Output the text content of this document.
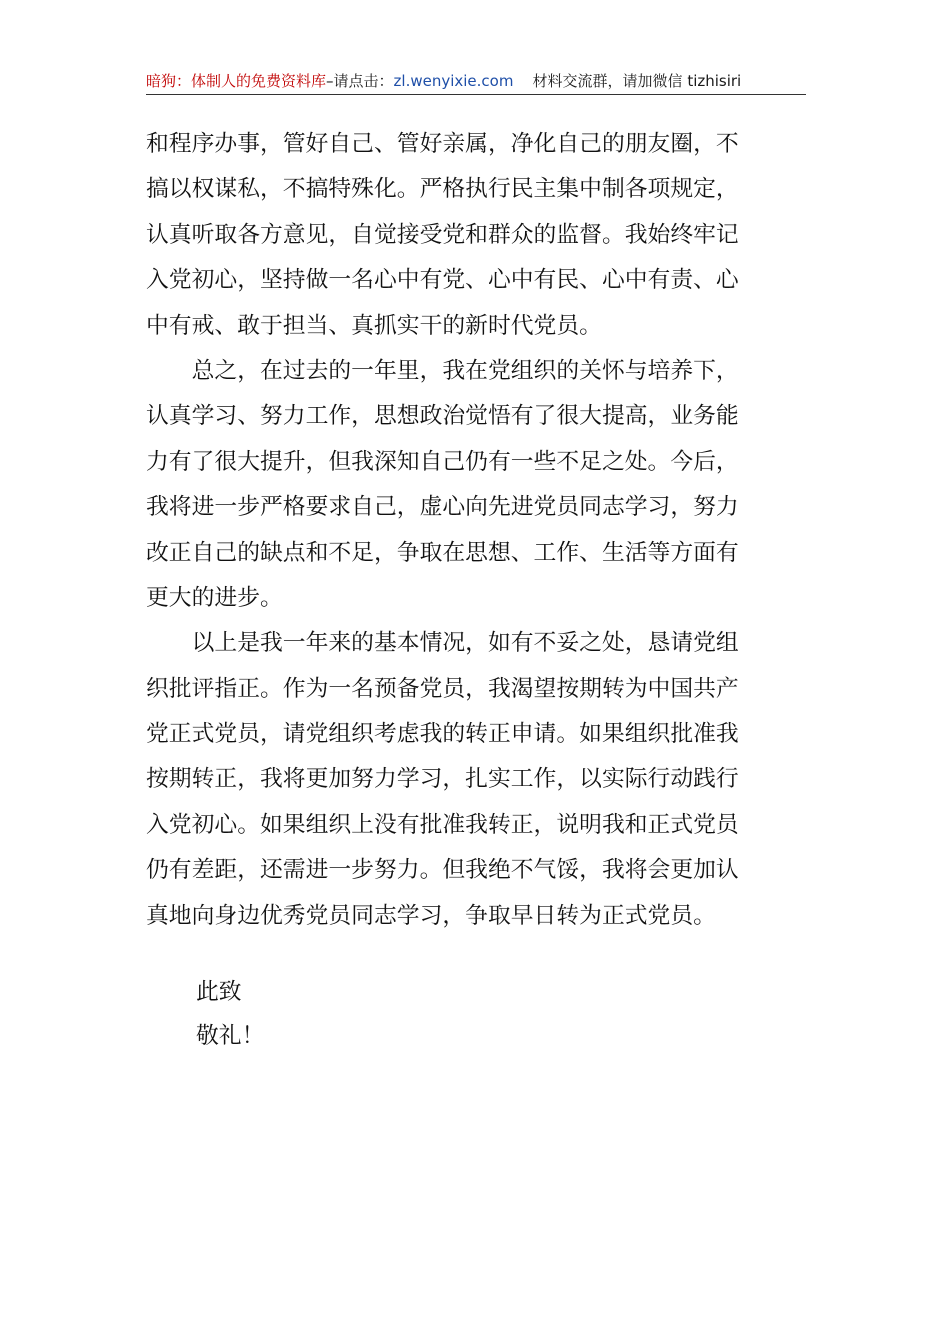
暗狗：体制人的免费资料库–请点击：zl.wenyixie.com 材料交流群，请加微信 tizhisiri
和程序办事，管好自己、管好亲属，净化自己的朋友圈，不
搞以权谋私，不搞特殊化。严格执行民主集中制各项规定，
认真听取各方意见，自觉接受党和群众的监督。我始终牢记
入党初心，坚持做一名心中有党、心中有民、心中有责、心
中有戒、敢于担当、真抓实干的新时代党员。
　　总之，在过去的一年里，我在党组织的关怀与培养下，
认真学习、努力工作，思想政治觉悟有了很大提高，业务能
力有了很大提升，但我深知自己仍有一些不足之处。今后，
我将进一步严格要求自己，虚心向先进党员同志学习，努力
改正自己的缺点和不足，争取在思想、工作、生活等方面有
更大的进步。
　　以上是我一年来的基本情况，如有不妥之处，恳请党组
织批评指正。作为一名预备党员，我渴望按期转为中国共产
党正式党员，请党组织考虑我的转正申请。如果组织批准我
按期转正，我将更加努力学习，扎实工作，以实际行动践行
入党初心。如果组织上没有批准我转正，说明我和正式党员
仍有差距，还需进一步努力。但我绝不气馁，我将会更加认
真地向身边优秀党员同志学习，争取早日转为正式党员。
此致
敬礼！
